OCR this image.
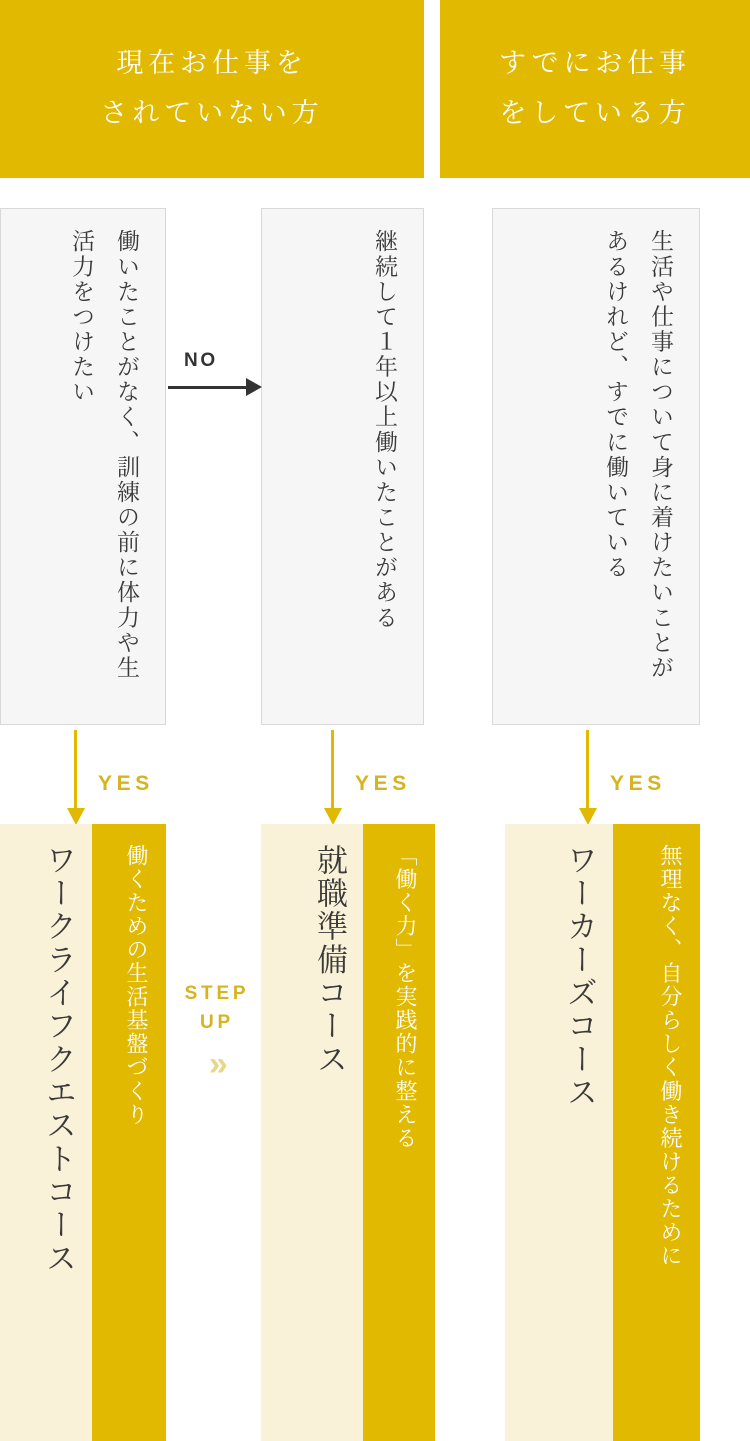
現在お仕事を
されていない方
すでにお仕事
をしている方
働いたことがなく、訓練の前に体力や生活力をつけたい	継続して１年以上働いたことがある	生活や仕事について身に着けたいことがあるけれど、すでに働いている
NO
YES	YES	YES
ワークライフクエストコース	働くための生活基盤づくり	就職準備コース	「働く力」を実践的に整える	ワーカーズコース	無理なく、自分らしく働き続けるために
STEP
UP
»
